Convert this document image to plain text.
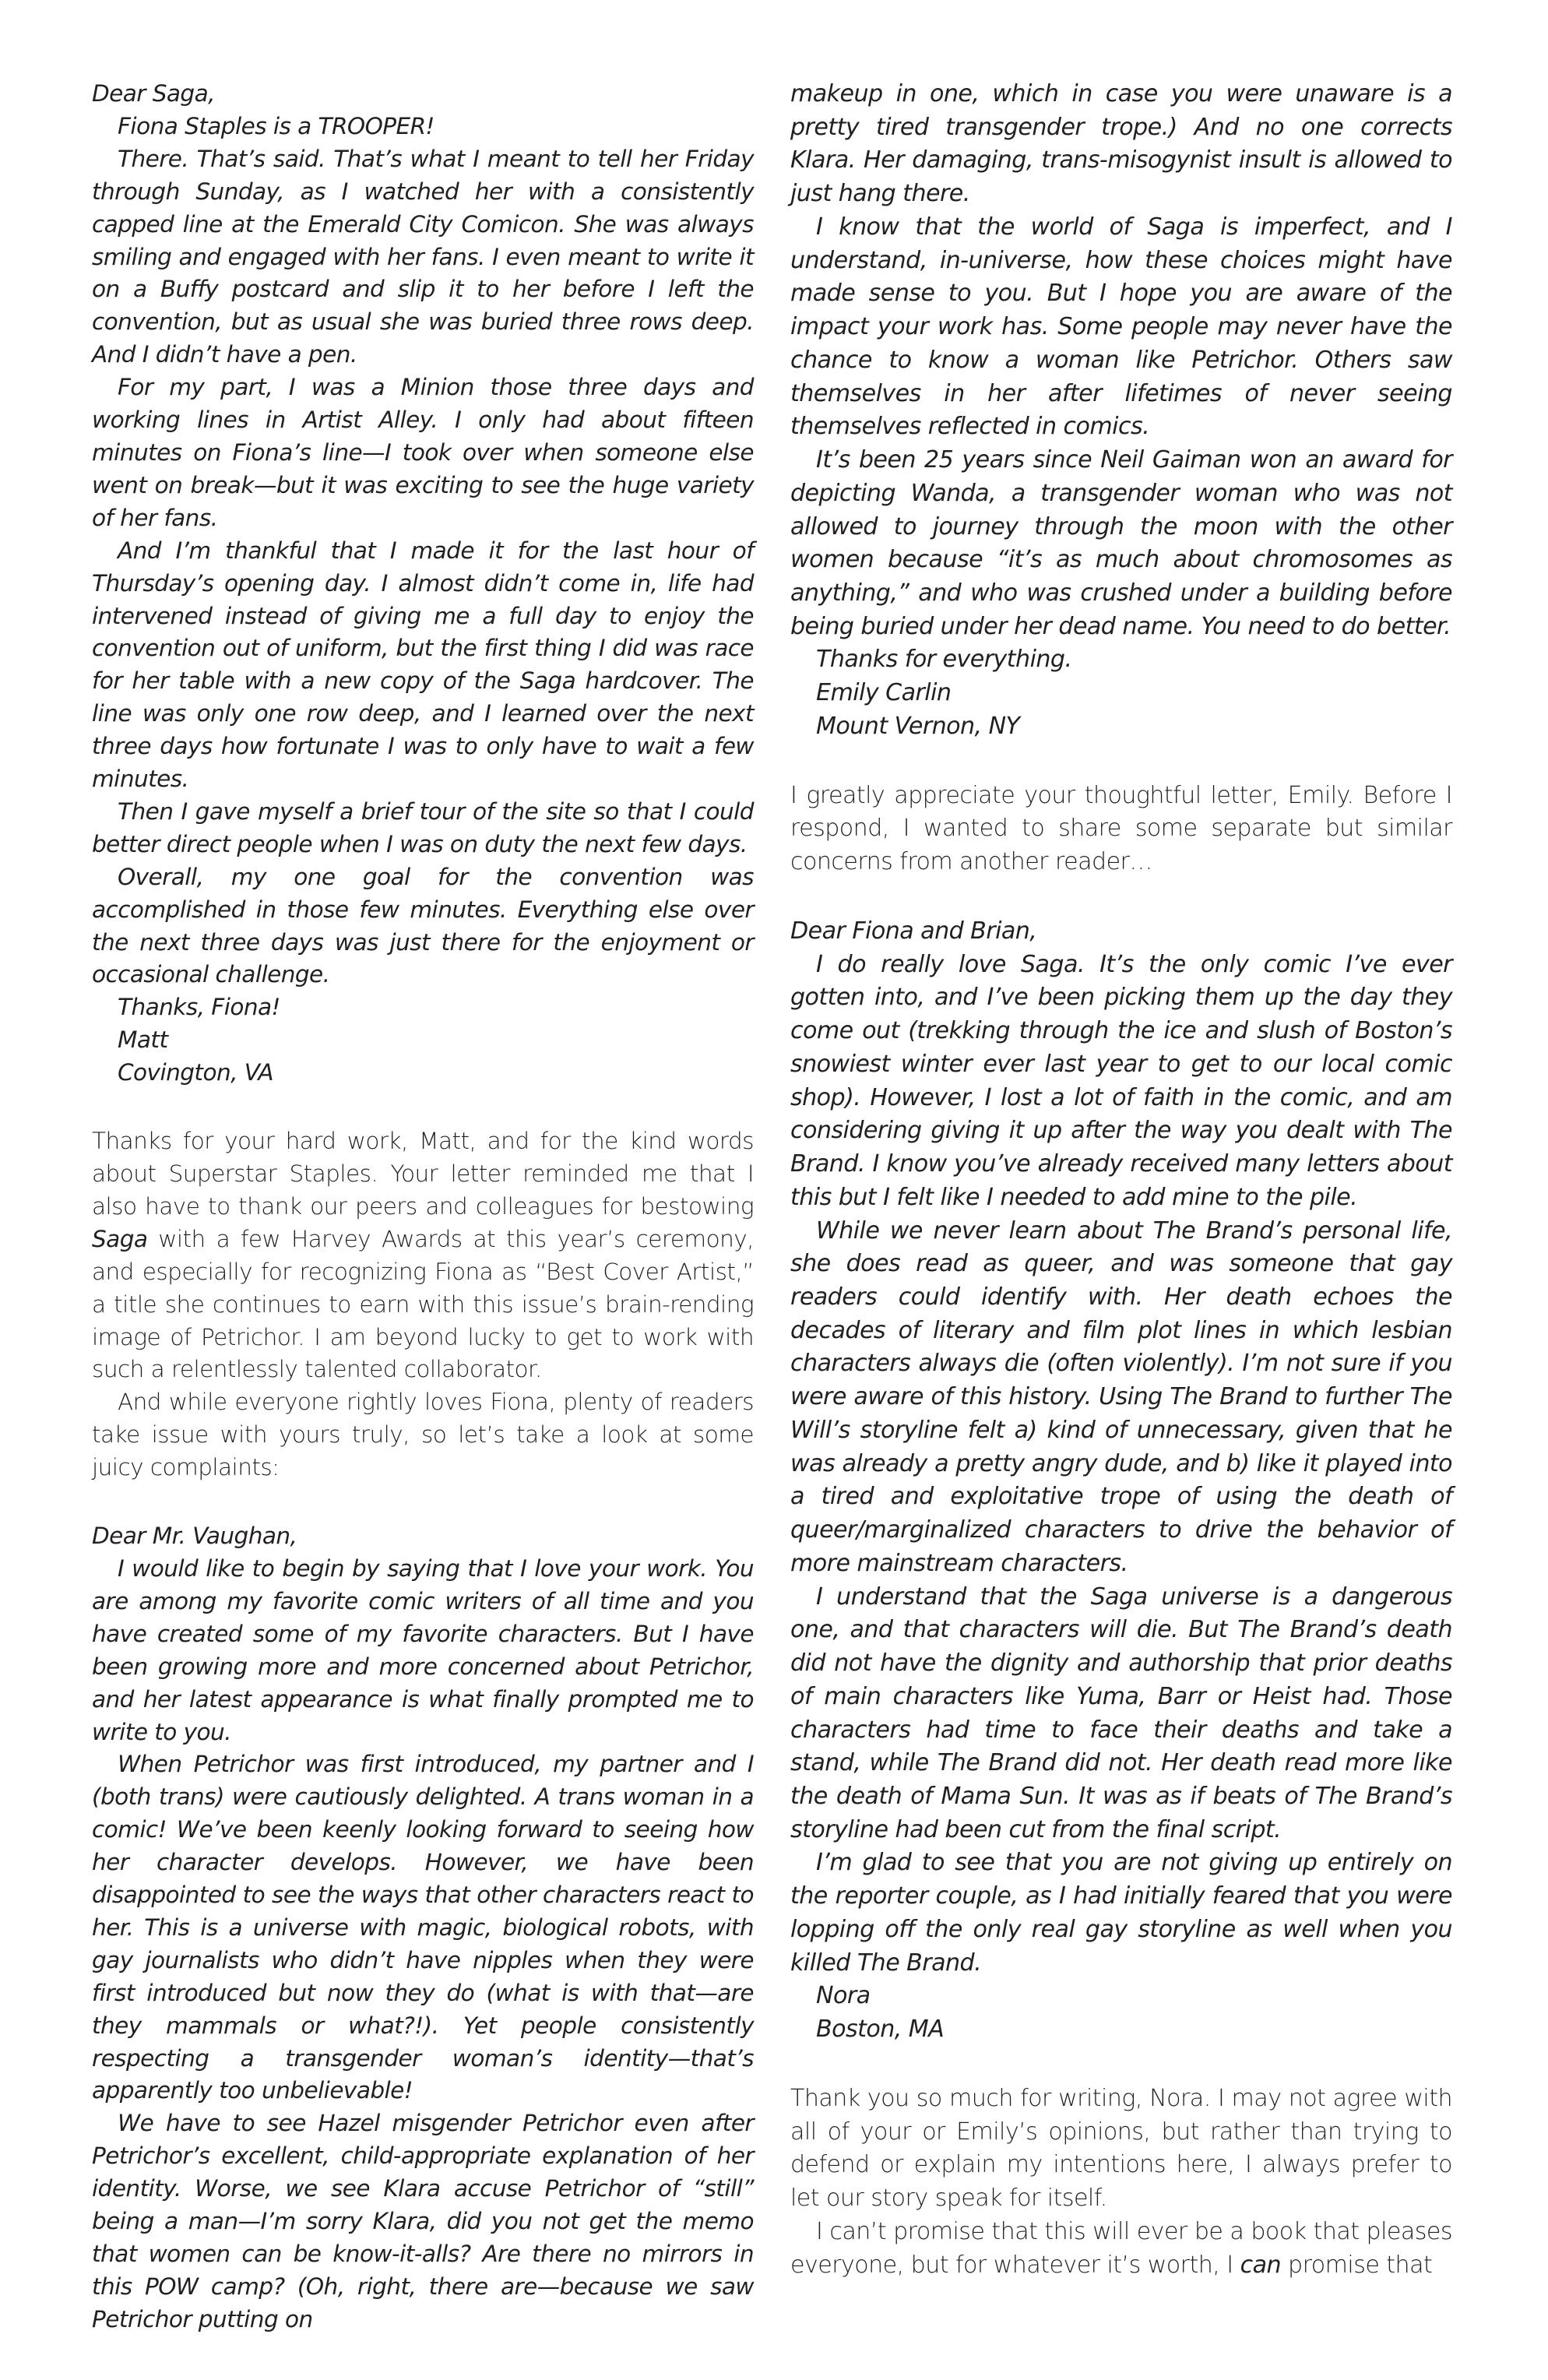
Dear Saga,

Fiona Staples is a TROOPER!

There. That’s said. That’s what I meant to tell her Friday through Sunday, as I watched her with a consistently capped line at the Emerald City Comicon. She was always smiling and engaged with her fans. I even meant to write it on a Buffy postcard and slip it to her before I left the convention, but as usual she was buried three rows deep. And I didn’t have a pen.

For my part, I was a Minion those three days and working lines in Artist Alley. I only had about fifteen minutes on Fiona’s line—I took over when someone else went on break—but it was exciting to see the huge variety of her fans.

And I’m thankful that I made it for the last hour of Thursday’s opening day. I almost didn’t come in, life had intervened instead of giving me a full day to enjoy the convention out of uniform, but the first thing I did was race for her table with a new copy of the Saga hardcover. The line was only one row deep, and I learned over the next three days how fortunate I was to only have to wait a few minutes.

Then I gave myself a brief tour of the site so that I could better direct people when I was on duty the next few days.

Overall, my one goal for the convention was accomplished in those few minutes. Everything else over the next three days was just there for the enjoyment or occasional challenge.

Thanks, Fiona!

Matt

Covington, VA

Thanks for your hard work, Matt, and for the kind words about Superstar Staples. Your letter reminded me that I also have to thank our peers and colleagues for bestowing Saga with a few Harvey Awards at this year’s ceremony, and especially for recognizing Fiona as “Best Cover Artist,” a title she continues to earn with this issue’s brain-rending image of Petrichor. I am beyond lucky to get to work with such a relentlessly talented collaborator.

And while everyone rightly loves Fiona, plenty of readers take issue with yours truly, so let’s take a look at some juicy complaints:

Dear Mr. Vaughan,

I would like to begin by saying that I love your work. You are among my favorite comic writers of all time and you have created some of my favorite characters. But I have been growing more and more concerned about Petrichor, and her latest appearance is what finally prompted me to write to you.

When Petrichor was first introduced, my partner and I (both trans) were cautiously delighted. A trans woman in a comic! We’ve been keenly looking forward to seeing how her character develops. However, we have been disappointed to see the ways that other characters react to her. This is a universe with magic, biological robots, with gay journalists who didn’t have nipples when they were first introduced but now they do (what is with that—are they mammals or what?!). Yet people consistently respecting a transgender woman’s identity—that’s apparently too unbelievable!

We have to see Hazel misgender Petrichor even after Petrichor’s excellent, child-appropriate explanation of her identity. Worse, we see Klara accuse Petrichor of “still” being a man—I’m sorry Klara, did you not get the memo that women can be know-it-alls? Are there no mirrors in this POW camp? (Oh, right, there are—because we saw Petrichor putting on

makeup in one, which in case you were unaware is a pretty tired transgender trope.) And no one corrects Klara. Her damaging, trans-misogynist insult is allowed to just hang there.

I know that the world of Saga is imperfect, and I understand, in-universe, how these choices might have made sense to you. But I hope you are aware of the impact your work has. Some people may never have the chance to know a woman like Petrichor. Others saw themselves in her after lifetimes of never seeing themselves reflected in comics.

It’s been 25 years since Neil Gaiman won an award for depicting Wanda, a transgender woman who was not allowed to journey through the moon with the other women because “it’s as much about chromosomes as anything,” and who was crushed under a building before being buried under her dead name. You need to do better.

Thanks for everything.

Emily Carlin

Mount Vernon, NY

I greatly appreciate your thoughtful letter, Emily. Before I respond, I wanted to share some separate but similar concerns from another reader…

Dear Fiona and Brian,

I do really love Saga. It’s the only comic I’ve ever gotten into, and I’ve been picking them up the day they come out (trekking through the ice and slush of Boston’s snowiest winter ever last year to get to our local comic shop). However, I lost a lot of faith in the comic, and am considering giving it up after the way you dealt with The Brand. I know you’ve already received many letters about this but I felt like I needed to add mine to the pile.

While we never learn about The Brand’s personal life, she does read as queer, and was someone that gay readers could identify with. Her death echoes the decades of literary and film plot lines in which lesbian characters always die (often violently). I’m not sure if you were aware of this history. Using The Brand to further The Will’s storyline felt a) kind of unnecessary, given that he was already a pretty angry dude, and b) like it played into a tired and exploitative trope of using the death of queer/marginalized characters to drive the behavior of more mainstream characters.

I understand that the Saga universe is a dangerous one, and that characters will die. But The Brand’s death did not have the dignity and authorship that prior deaths of main characters like Yuma, Barr or Heist had. Those characters had time to face their deaths and take a stand, while The Brand did not. Her death read more like the death of Mama Sun. It was as if beats of The Brand’s storyline had been cut from the final script.

I’m glad to see that you are not giving up entirely on the reporter couple, as I had initially feared that you were lopping off the only real gay storyline as well when you killed The Brand.

Nora

Boston, MA

Thank you so much for writing, Nora. I may not agree with all of your or Emily’s opinions, but rather than trying to defend or explain my intentions here, I always prefer to let our story speak for itself.

I can’t promise that this will ever be a book that pleases everyone, but for whatever it’s worth, I can promise that
